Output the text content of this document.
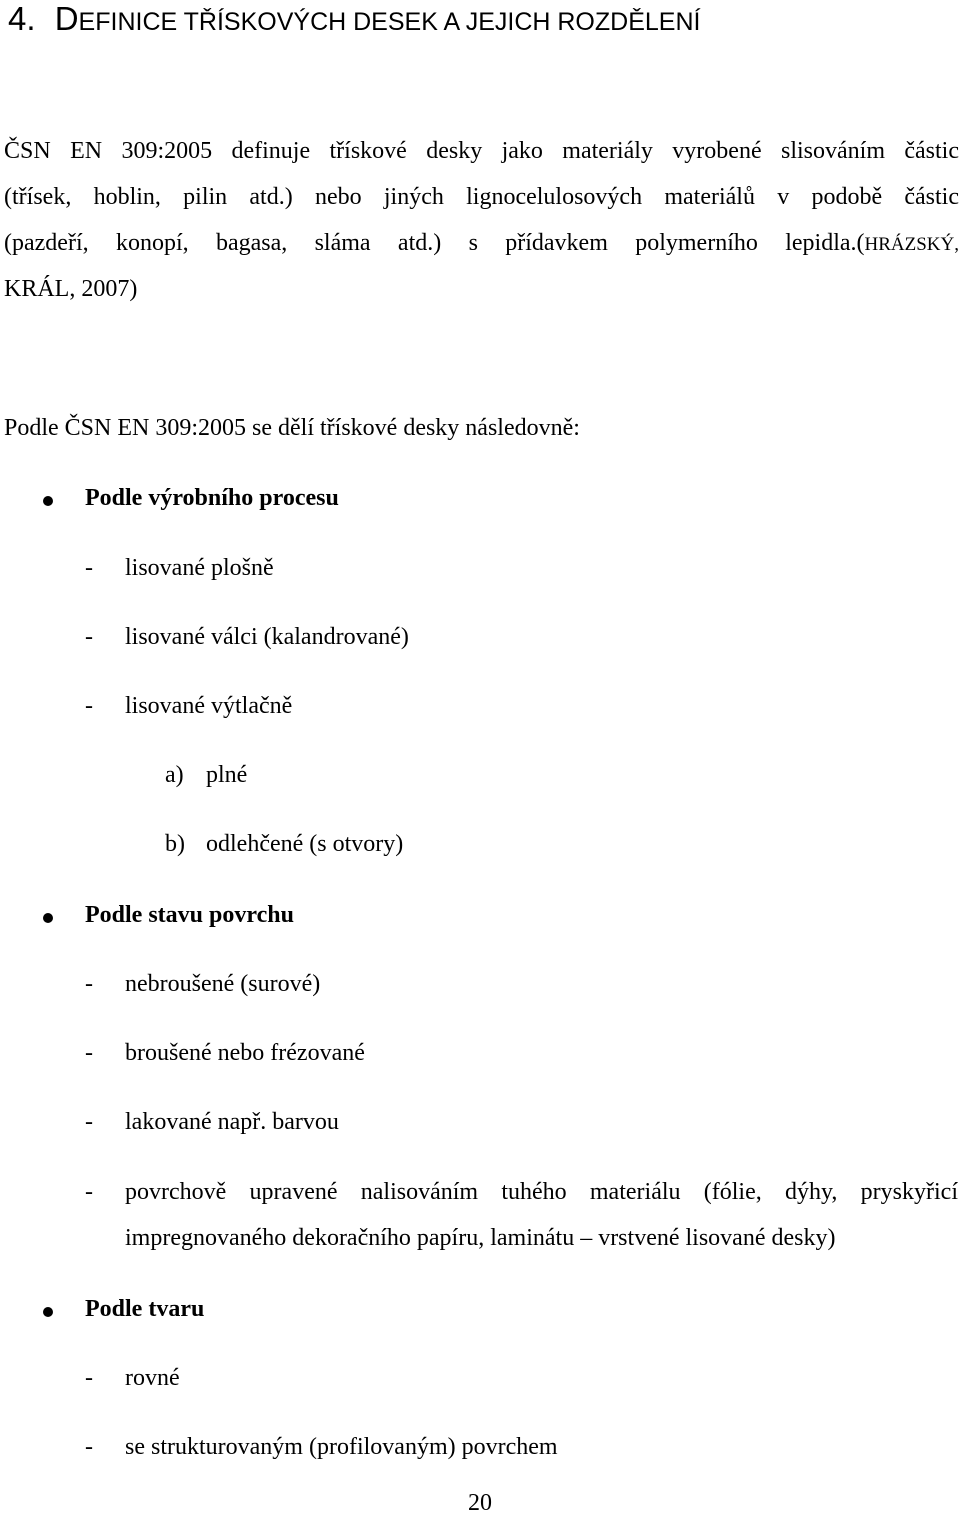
4. DEFINICE TŘÍSKOVÝCH DESEK A JEJICH ROZDĚLENÍ
ČSN EN 309:2005 definuje třískové desky jako materiály vyrobené slisováním částic
(třísek, hoblin, pilin atd.) nebo jiných lignocelulosových materiálů v podobě částic
(pazdeří, konopí, bagasa, sláma atd.) s přídavkem polymerního lepidla.(HRÁZSKÝ,
KRÁL, 2007)
Podle ČSN EN 309:2005 se dělí třískové desky následovně:
Podle výrobního procesu
- lisované plošně
- lisované válci (kalandrované)
- lisované výtlačně
a) plné
b) odlehčené (s otvory)
Podle stavu povrchu
- nebroušené (surové)
- broušené nebo frézované
- lakované např. barvou
- povrchově upravené nalisováním tuhého materiálu (fólie, dýhy, pryskyřicí
impregnovaného dekoračního papíru, laminátu – vrstvené lisované desky)
Podle tvaru
- rovné
- se strukturovaným (profilovaným) povrchem
20
